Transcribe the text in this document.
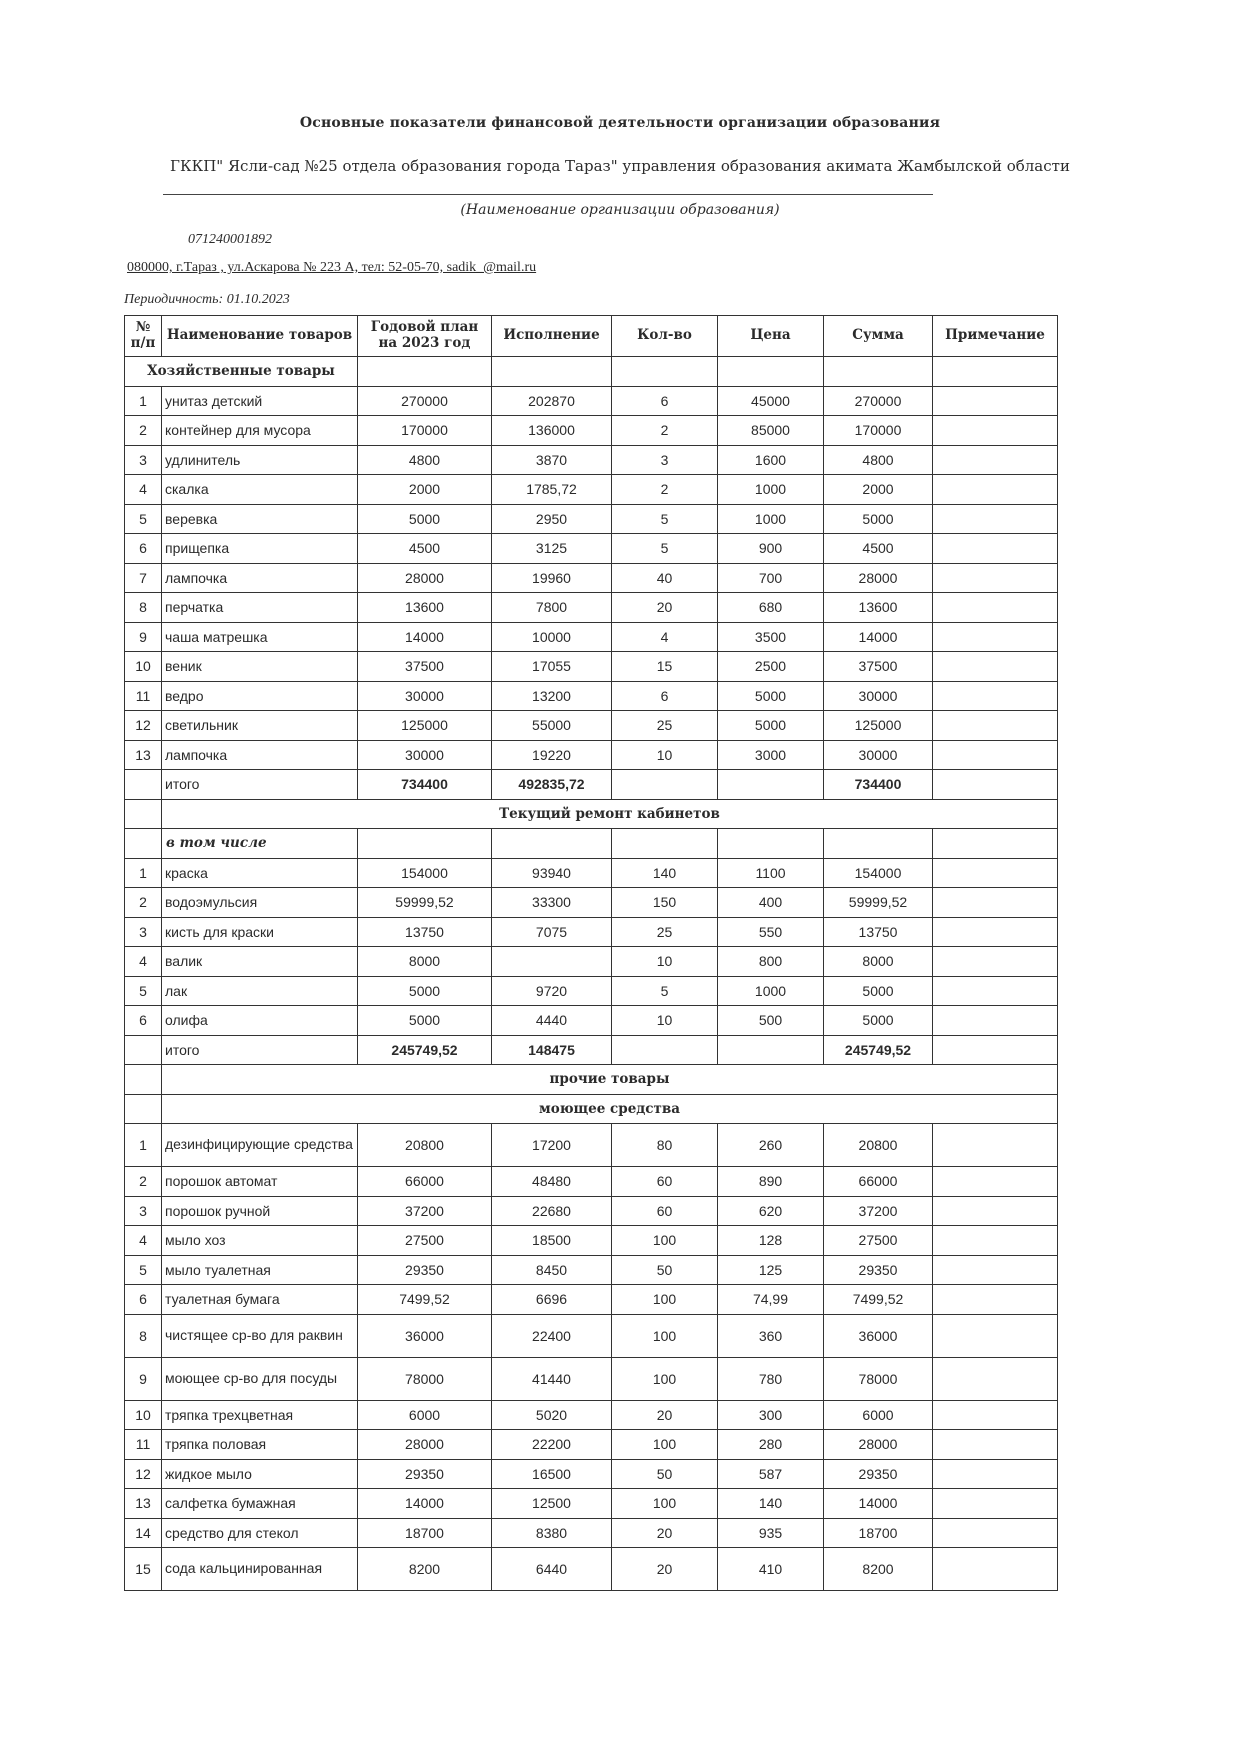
Основные показатели финансовой деятельности организации образования
ГККП" Ясли-сад №25 отдела образования города Тараз" управления образования акимата Жамбылской области
(Наименование организации образования)
071240001892
080000, г.Тараз , ул.Аскарова № 223 А, тел: 52-05-70, sadik_@mail.ru
Периодичность: 01.10.2023
№ п/п	Наименование товаров	Годовой план на 2023 год	Исполнение	Кол-во	Цена	Сумма	Примечание
Хозяйственные товары							
1	унитаз детский	270000	202870	6	45000	270000	
2	контейнер для мусора	170000	136000	2	85000	170000	
3	удлинитель	4800	3870	3	1600	4800	
4	скалка	2000	1785,72	2	1000	2000	
5	веревка	5000	2950	5	1000	5000	
6	прищепка	4500	3125	5	900	4500	
7	лампочка	28000	19960	40	700	28000	
8	перчатка	13600	7800	20	680	13600	
9	чаша матрешка	14000	10000	4	3500	14000	
10	веник	37500	17055	15	2500	37500	
11	ведро	30000	13200	6	5000	30000	
12	светильник	125000	55000	25	5000	125000	
13	лампочка	30000	19220	10	3000	30000	
	итого	734400	492835,72			734400	
	Текущий ремонт кабинетов						
	в том числе						
1	краска	154000	93940	140	1100	154000	
2	водоэмульсия	59999,52	33300	150	400	59999,52	
3	кисть для краски	13750	7075	25	550	13750	
4	валик	8000		10	800	8000	
5	лак	5000	9720	5	1000	5000	
6	олифа	5000	4440	10	500	5000	
	итого	245749,52	148475			245749,52	
	прочие товары						
	моющее средства						
1	дезинфицирующие средства	20800	17200	80	260	20800	
2	порошок автомат	66000	48480	60	890	66000	
3	порошок ручной	37200	22680	60	620	37200	
4	мыло хоз	27500	18500	100	128	27500	
5	мыло туалетная	29350	8450	50	125	29350	
6	туалетная бумага	7499,52	6696	100	74,99	7499,52	
8	чистящее ср-во для раквин	36000	22400	100	360	36000	
9	моющее ср-во для посуды	78000	41440	100	780	78000	
10	тряпка трехцветная	6000	5020	20	300	6000	
11	тряпка половая	28000	22200	100	280	28000	
12	жидкое мыло	29350	16500	50	587	29350	
13	салфетка бумажная	14000	12500	100	140	14000	
14	средство для стекол	18700	8380	20	935	18700	
15	сода кальцинированная	8200	6440	20	410	8200	
